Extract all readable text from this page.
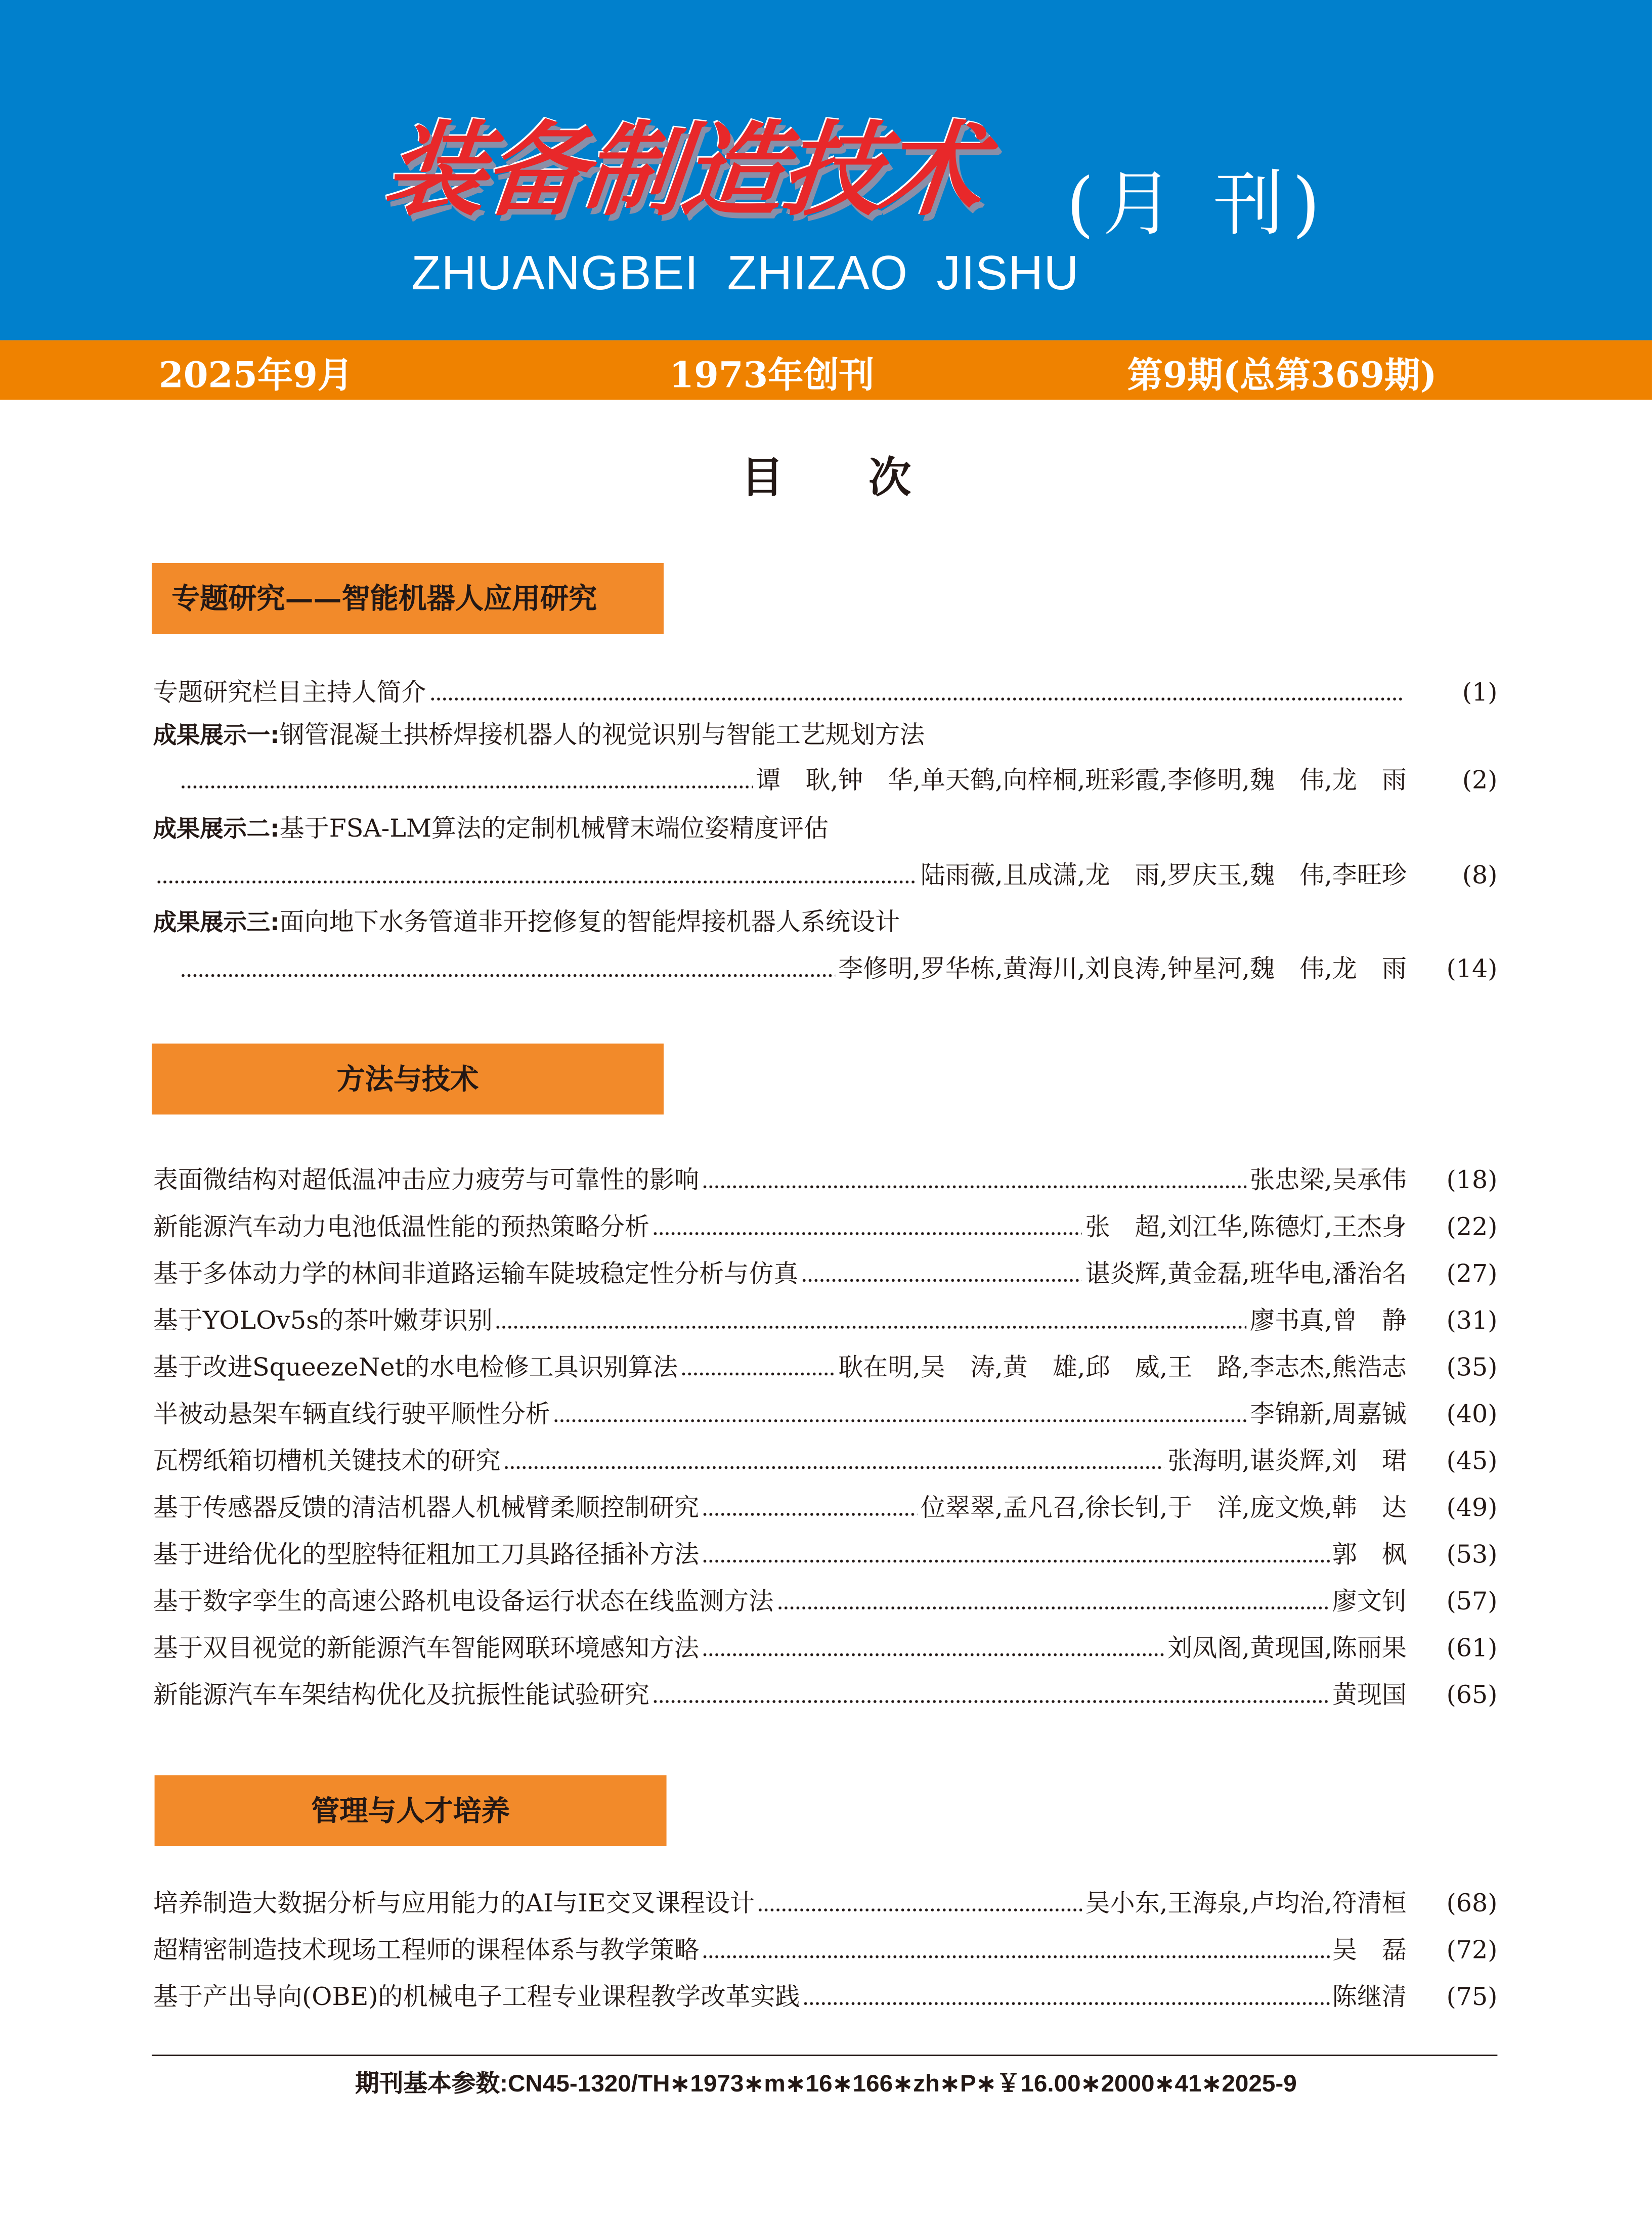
装备制造技术	(月 刊)
ZHUANGBEI ZHIZAO JISHU
2025年9月	1973年创刊	第9期(总第369期)
目次
专题研究——智能机器人应用研究
专题研究栏目主持人简介	(1)
成果展示一: 钢管混凝土拱桥焊接机器人的视觉识别与智能工艺规划方法
谭　耿,钟　华,单天鹤,向梓桐,班彩霞,李修明,魏　伟,龙　雨	(2)
成果展示二: 基于FSA-LM算法的定制机械臂末端位姿精度评估
陆雨薇,且成潇,龙　雨,罗庆玉,魏　伟,李旺珍	(8)
成果展示三: 面向地下水务管道非开挖修复的智能焊接机器人系统设计
李修明,罗华栋,黄海川,刘良涛,钟星河,魏　伟,龙　雨	(14)
方法与技术
表面微结构对超低温冲击应力疲劳与可靠性的影响	张忠梁,吴承伟	(18)
新能源汽车动力电池低温性能的预热策略分析	张　超,刘江华,陈德灯,王杰身	(22)
基于多体动力学的林间非道路运输车陡坡稳定性分析与仿真	谌炎辉,黄金磊,班华电,潘治名	(27)
基于YOLOv5s的茶叶嫩芽识别	廖书真,曾　静	(31)
基于改进SqueezeNet的水电检修工具识别算法	耿在明,吴　涛,黄　雄,邱　威,王　路,李志杰,熊浩志	(35)
半被动悬架车辆直线行驶平顺性分析	李锦新,周嘉铖	(40)
瓦楞纸箱切槽机关键技术的研究	张海明,谌炎辉,刘　珺	(45)
基于传感器反馈的清洁机器人机械臂柔顺控制研究	位翠翠,孟凡召,徐长钊,于　洋,庞文焕,韩　达	(49)
基于进给优化的型腔特征粗加工刀具路径插补方法	郭　枫	(53)
基于数字孪生的高速公路机电设备运行状态在线监测方法	廖文钊	(57)
基于双目视觉的新能源汽车智能网联环境感知方法	刘凤阁,黄现国,陈丽果	(61)
新能源汽车车架结构优化及抗振性能试验研究	黄现国	(65)
管理与人才培养
培养制造大数据分析与应用能力的AI与IE交叉课程设计	吴小东,王海泉,卢均治,符清桓	(68)
超精密制造技术现场工程师的课程体系与教学策略	吴　磊	(72)
基于产出导向(OBE)的机械电子工程专业课程教学改革实践	陈继清	(75)
期刊基本参数:CN45-1320/TH∗1973∗m∗16∗166∗zh∗P∗￥16.00∗2000∗41∗2025-9
